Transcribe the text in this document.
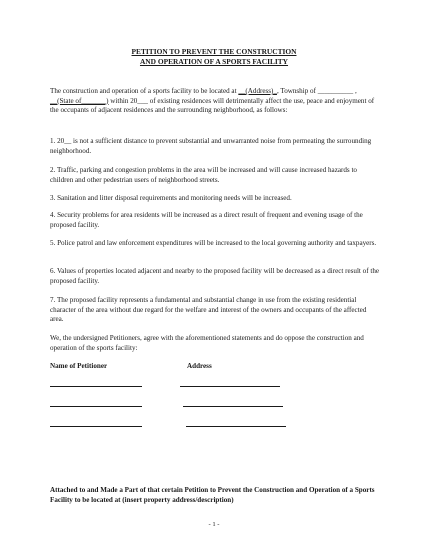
PETITION TO PREVENT THE CONSTRUCTION
AND OPERATION OF A SPORTS FACILITY

The construction and operation of a sports facility to be located at __(Address)_, Township of __________ , __(State of_______) within 20___ of existing residences will detrimentally affect the use, peace and enjoyment of the occupants of adjacent residences and the surrounding neighborhood, as follows:

1. 20__ is not a sufficient distance to prevent substantial and unwarranted noise from permeating the surrounding neighborhood.

2. Traffic, parking and congestion problems in the area will be increased and will cause increased hazards to children and other pedestrian users of neighborhood streets.

3. Sanitation and litter disposal requirements and monitoring needs will be increased.

4. Security problems for area residents will be increased as a direct result of frequent and evening usage of the proposed facility.

5. Police patrol and law enforcement expenditures will be increased to the local governing authority and taxpayers.

6. Values of properties located adjacent and nearby to the proposed facility will be decreased as a direct result of the proposed facility.

7. The proposed facility represents a fundamental and substantial change in use from the existing residential character of the area without due regard for the welfare and interest of the owners and occupants of the affected area.

We, the undersigned Petitioners, agree with the aforementioned statements and do oppose the construction and operation of the sports facility:

Name of Petitioner	Address
Attached to and Made a Part of that certain Petition to Prevent the Construction and Operation of a Sports Facility to be located at (insert property address/description)
- 1 -
